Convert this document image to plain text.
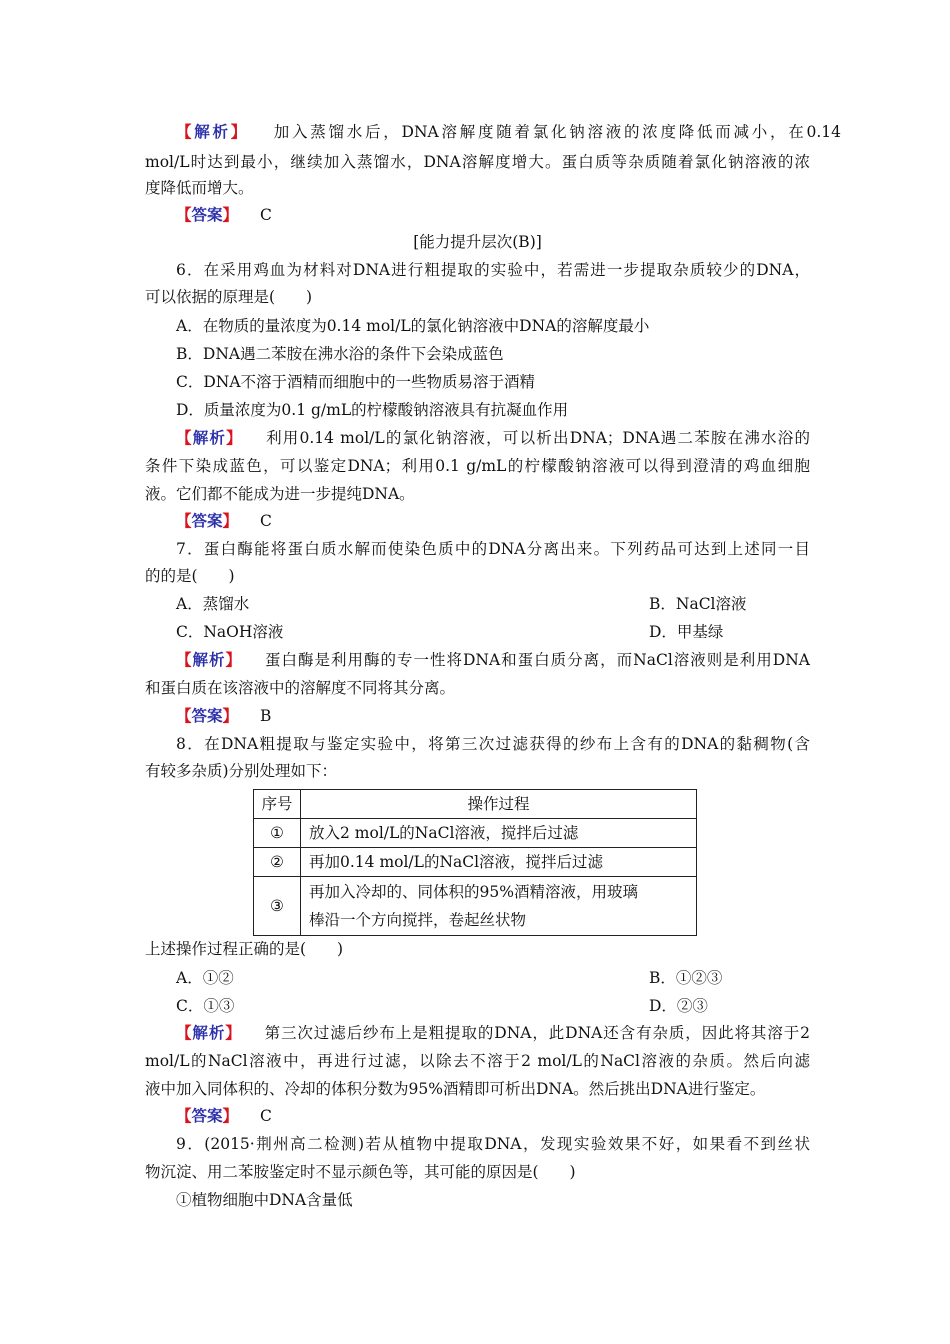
【解析】 加入蒸馏水后，DNA溶解度随着氯化钠溶液的浓度降低而减小，在0.14
mol/L时达到最小，继续加入蒸馏水，DNA溶解度增大。蛋白质等杂质随着氯化钠溶液的浓
度降低而增大。
【答案】 C
[能力提升层次(B)]
6．在采用鸡血为材料对DNA进行粗提取的实验中，若需进一步提取杂质较少的DNA，
可以依据的原理是(　　)
A．在物质的量浓度为0.14 mol/L的氯化钠溶液中DNA的溶解度最小
B．DNA遇二苯胺在沸水浴的条件下会染成蓝色
C．DNA不溶于酒精而细胞中的一些物质易溶于酒精
D．质量浓度为0.1 g/mL的柠檬酸钠溶液具有抗凝血作用
【解析】 利用0.14 mol/L的氯化钠溶液，可以析出DNA；DNA遇二苯胺在沸水浴的
条件下染成蓝色，可以鉴定DNA；利用0.1 g/mL的柠檬酸钠溶液可以得到澄清的鸡血细胞
液。它们都不能成为进一步提纯DNA。
【答案】 C
7．蛋白酶能将蛋白质水解而使染色质中的DNA分离出来。下列药品可达到上述同一目
的的是(　　)
A．蒸馏水	B．NaCl溶液
C．NaOH溶液	D．甲基绿
【解析】 蛋白酶是利用酶的专一性将DNA和蛋白质分离，而NaCl溶液则是利用DNA
和蛋白质在该溶液中的溶解度不同将其分离。
【答案】 B
8．在DNA粗提取与鉴定实验中，将第三次过滤获得的纱布上含有的DNA的黏稠物(含
有较多杂质)分别处理如下：
序号	操作过程
①	放入2 mol/L的NaCl溶液，搅拌后过滤
②	再加0.14 mol/L的NaCl溶液，搅拌后过滤
③	再加入冷却的、同体积的95%酒精溶液，用玻璃
棒沿一个方向搅拌，卷起丝状物
上述操作过程正确的是(　　)
A．①②	B．①②③
C．①③	D．②③
【解析】 第三次过滤后纱布上是粗提取的DNA，此DNA还含有杂质，因此将其溶于2
mol/L的NaCl溶液中，再进行过滤，以除去不溶于2 mol/L的NaCl溶液的杂质。然后向滤
液中加入同体积的、冷却的体积分数为95%酒精即可析出DNA。然后挑出DNA进行鉴定。
【答案】 C
9．(2015·荆州高二检测)若从植物中提取DNA，发现实验效果不好，如果看不到丝状
物沉淀、用二苯胺鉴定时不显示颜色等，其可能的原因是(　　)
①植物细胞中DNA含量低
